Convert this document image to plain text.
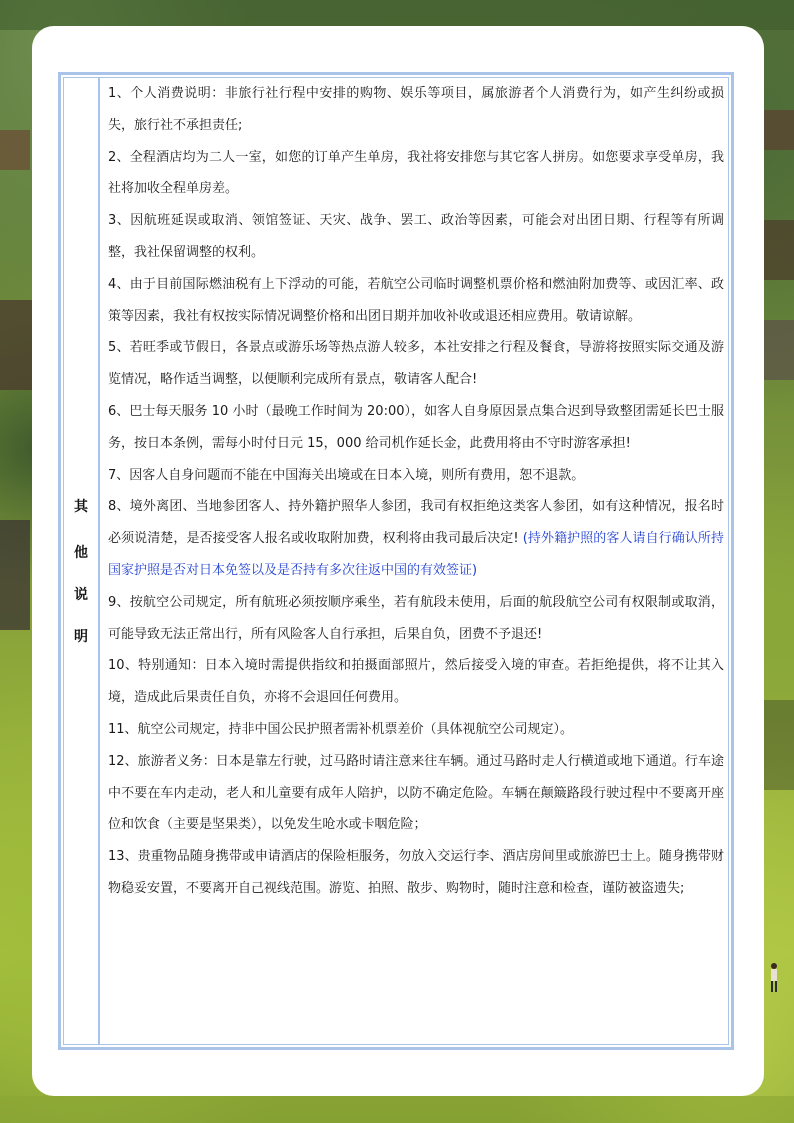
其
他
说
明

1、个人消费说明：非旅行社行程中安排的购物、娱乐等项目，属旅游者个人消费行为，如产生纠纷或损失，旅行社不承担责任;

2、全程酒店均为二人一室，如您的订单产生单房，我社将安排您与其它客人拼房。如您要求享受单房，我社将加收全程单房差。

3、因航班延误或取消、领馆签证、天灾、战争、罢工、政治等因素，可能会对出团日期、行程等有所调整，我社保留调整的权利。

4、由于目前国际燃油税有上下浮动的可能，若航空公司临时调整机票价格和燃油附加费等、或因汇率、政策等因素，我社有权按实际情况调整价格和出团日期并加收补收或退还相应费用。敬请谅解。

5、若旺季或节假日，各景点或游乐场等热点游人较多，本社安排之行程及餐食，导游将按照实际交通及游览情况，略作适当调整，以便顺利完成所有景点，敬请客人配合!

6、巴士每天服务 10 小时（最晚工作时间为 20:00），如客人自身原因景点集合迟到导致整团需延长巴士服务，按日本条例，需每小时付日元 15，000 给司机作延长金，此费用将由不守时游客承担!

7、因客人自身问题而不能在中国海关出境或在日本入境，则所有费用，恕不退款。

8、境外离团、当地参团客人、持外籍护照华人参团，我司有权拒绝这类客人参团，如有这种情况，报名时必须说清楚，是否接受客人报名或收取附加费，权利将由我司最后决定! (持外籍护照的客人请自行确认所持国家护照是否对日本免签以及是否持有多次往返中国的有效签证)

9、按航空公司规定，所有航班必须按顺序乘坐，若有航段未使用，后面的航段航空公司有权限制或取消，可能导致无法正常出行，所有风险客人自行承担，后果自负，团费不予退还!

10、特别通知：日本入境时需提供指纹和拍摄面部照片，然后接受入境的审查。若拒绝提供，将不让其入境，造成此后果责任自负，亦将不会退回任何费用。

11、航空公司规定，持非中国公民护照者需补机票差价（具体视航空公司规定）。

12、旅游者义务：日本是靠左行驶，过马路时请注意来往车辆。通过马路时走人行横道或地下通道。行车途中不要在车内走动，老人和儿童要有成年人陪护，以防不确定危险。车辆在颠簸路段行驶过程中不要离开座位和饮食（主要是坚果类），以免发生呛水或卡咽危险；

13、贵重物品随身携带或申请酒店的保险柜服务，勿放入交运行李、酒店房间里或旅游巴士上。随身携带财物稳妥安置，不要离开自己视线范围。游览、拍照、散步、购物时，随时注意和检查，谨防被盗遗失;
